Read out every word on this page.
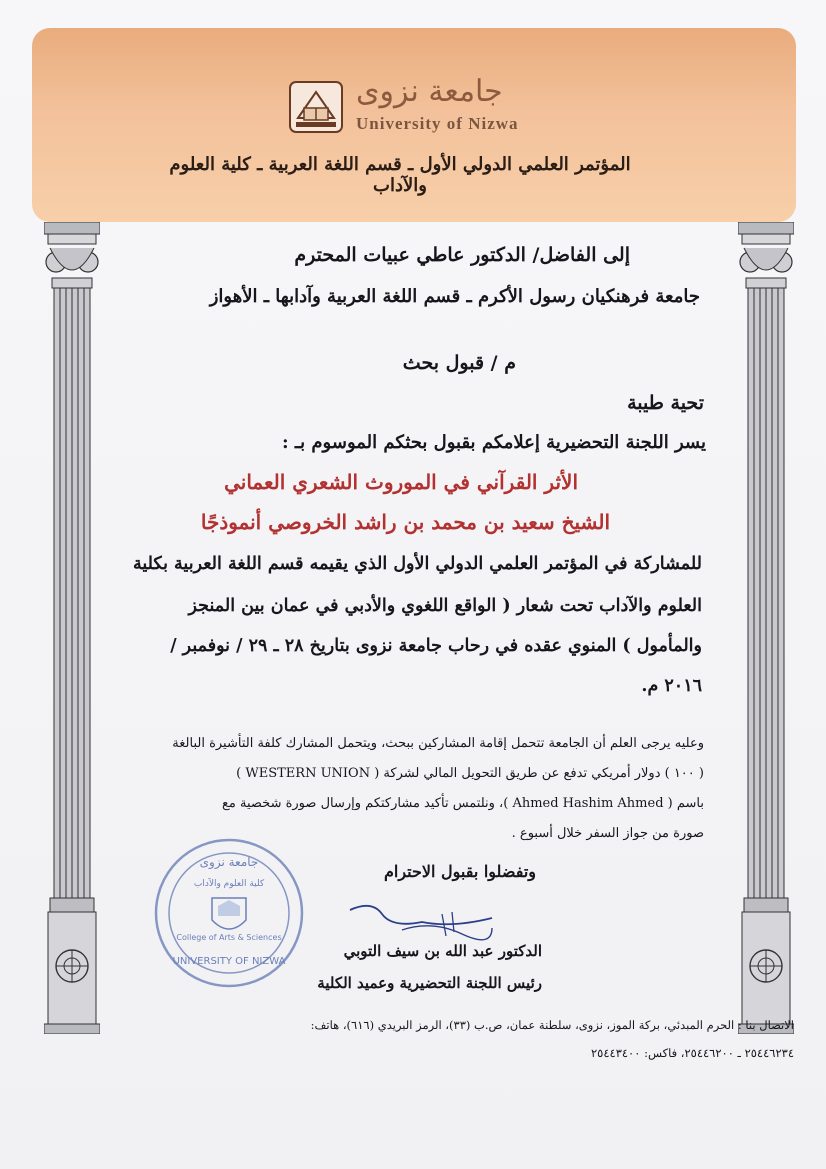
جامعة نزوى
University of Nizwa
المؤتمر العلمي الدولي الأول ـ قسم اللغة العربية ـ كلية العلوم والآداب
إلى الفاضل/ الدكتور عاطي عبيات المحترم
جامعة فرهنكيان رسول الأكرم ـ قسم اللغة العربية وآدابها ـ الأهواز
م / قبول بحث
تحية طيبة
يسر اللجنة التحضيرية إعلامكم بقبول بحثكم الموسوم بـ :
الأثر القرآني في الموروث الشعري العماني
الشيخ سعيد بن محمد بن راشد الخروصي أنموذجًا
للمشاركة في المؤتمر العلمي الدولي الأول الذي يقيمه قسم اللغة العربية بكلية
العلوم والآداب تحت شعار ( الواقع اللغوي والأدبي في عمان بين المنجز
والمأمول ) المنوي عقده في رحاب جامعة نزوى بتاريخ ٢٨ ـ ٢٩ / نوفمبر /
٢٠١٦ م.
وعليه يرجى العلم أن الجامعة تتحمل إقامة المشاركين ببحث، ويتحمل المشارك كلفة التأشيرة البالغة
( ١٠٠ ) دولار أمريكي تدفع عن طريق التحويل المالي لشركة ( WESTERN UNION )
باسم ( Ahmed Hashim Ahmed )، ونلتمس تأكيد مشاركتكم وإرسال صورة شخصية مع
صورة من جواز السفر خلال أسبوع .
وتفضلوا بقبول الاحترام
جامعة نزوى
كلية العلوم والآداب
College of Arts & Sciences
UNIVERSITY OF NIZWA
الدكتور عبد الله بن سيف التوبي
رئيس اللجنة التحضيرية وعميد الكلية
الاتصال بنا : الحرم المبدئي، بركة الموز، نزوى، سلطنة عمان، ص.ب (٣٣)، الرمز البريدي (٦١٦)، هاتف:
٢٥٤٤٦٢٣٤ ـ ٢٥٤٤٦٢٠٠، فاكس: ٢٥٤٤٣٤٠٠
